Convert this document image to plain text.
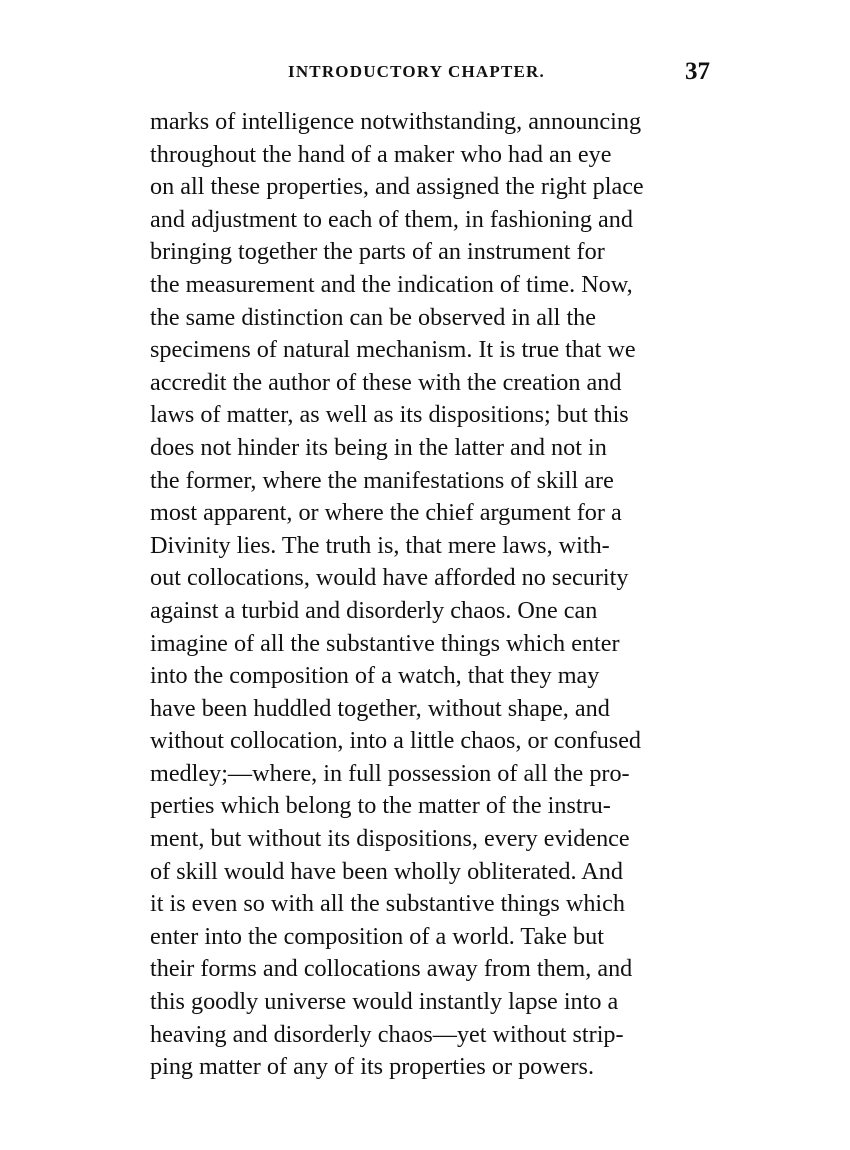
INTRODUCTORY CHAPTER.	37
marks of intelligence notwithstanding, announcing
throughout the hand of a maker who had an eye
on all these properties, and assigned the right place
and adjustment to each of them, in fashioning and
bringing together the parts of an instrument for
the measurement and the indication of time. Now,
the same distinction can be observed in all the
specimens of natural mechanism. It is true that we
accredit the author of these with the creation and
laws of matter, as well as its dispositions; but this
does not hinder its being in the latter and not in
the former, where the manifestations of skill are
most apparent, or where the chief argument for a
Divinity lies. The truth is, that mere laws, with-
out collocations, would have afforded no security
against a turbid and disorderly chaos. One can
imagine of all the substantive things which enter
into the composition of a watch, that they may
have been huddled together, without shape, and
without collocation, into a little chaos, or confused
medley;—where, in full possession of all the pro-
perties which belong to the matter of the instru-
ment, but without its dispositions, every evidence
of skill would have been wholly obliterated. And
it is even so with all the substantive things which
enter into the composition of a world. Take but
their forms and collocations away from them, and
this goodly universe would instantly lapse into a
heaving and disorderly chaos—yet without strip-
ping matter of any of its properties or powers.
